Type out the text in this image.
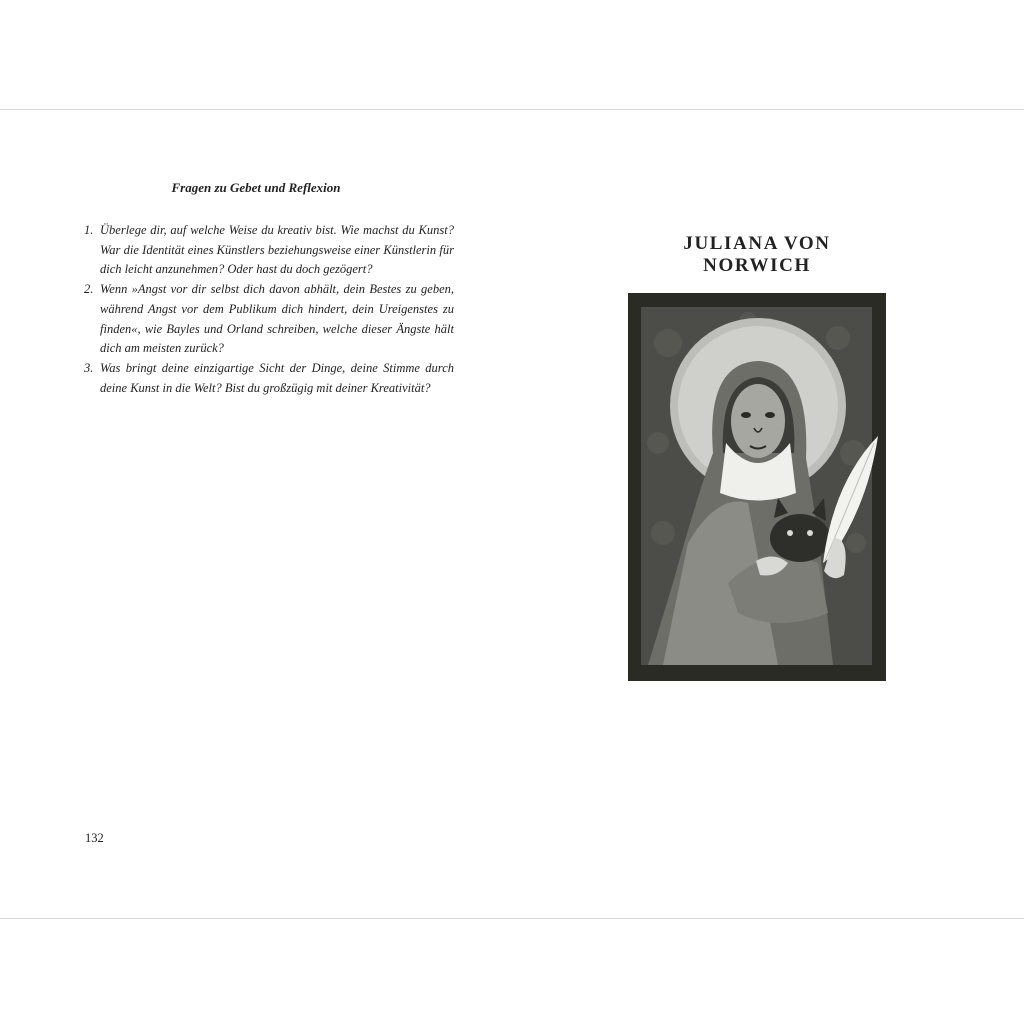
Fragen zu Gebet und Reflexion
1. Überlege dir, auf welche Weise du kreativ bist. Wie machst du Kunst? War die Identität eines Künstlers beziehungsweise einer Künstlerin für dich leicht anzunehmen? Oder hast du doch gezögert?
2. Wenn »Angst vor dir selbst dich davon abhält, dein Bestes zu geben, während Angst vor dem Publikum dich hindert, dein Ureigenstes zu finden«, wie Bayles und Orland schreiben, welche dieser Ängste hält dich am meisten zurück?
3. Was bringt deine einzigartige Sicht der Dinge, deine Stimme durch deine Kunst in die Welt? Bist du großzügig mit deiner Kreativität?
132
JULIANA VON NORWICH
